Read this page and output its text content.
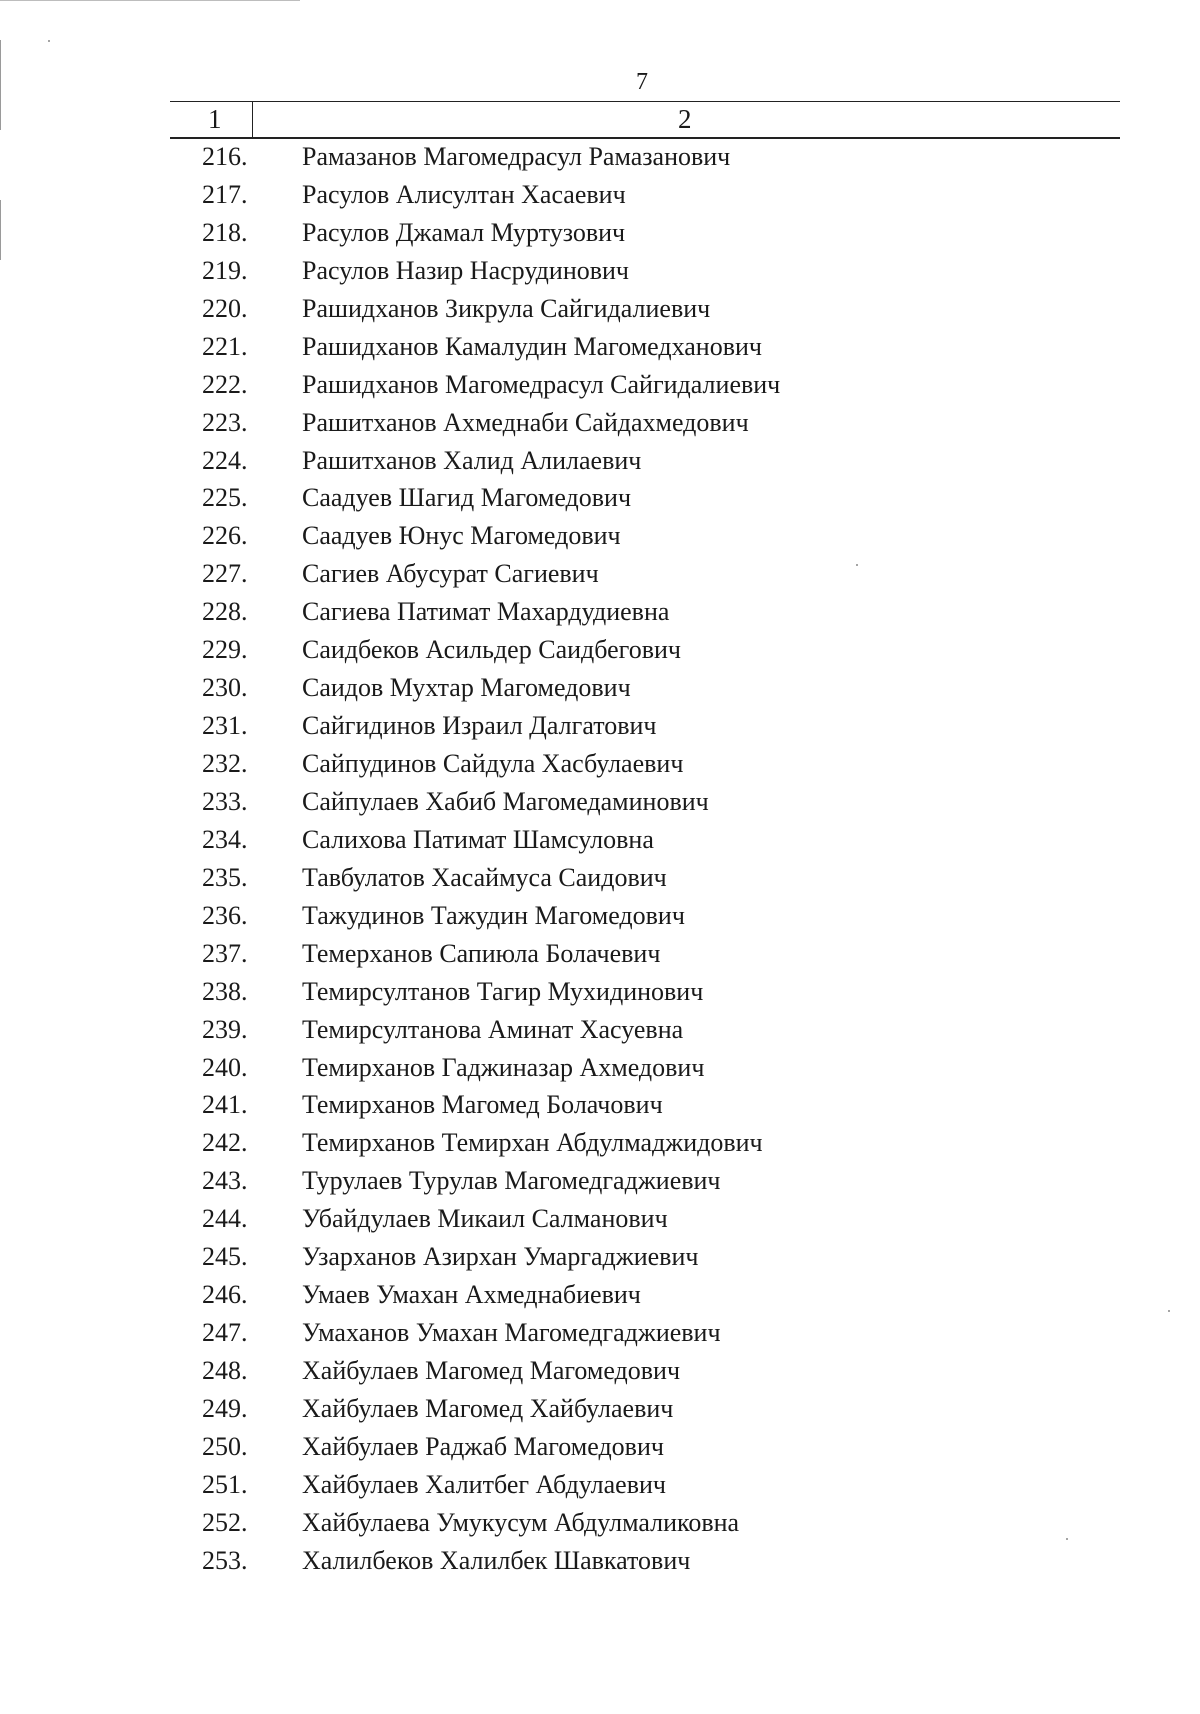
7
1	2
216. Рамазанов Магомедрасул Рамазанович
217. Расулов Алисултан Хасаевич
218. Расулов Джамал Муртузович
219. Расулов Назир Насрудинович
220. Рашидханов Зикрула Сайгидалиевич
221. Рашидханов Камалудин Магомедханович
222. Рашидханов Магомедрасул Сайгидалиевич
223. Рашитханов Ахмеднаби Сайдахмедович
224. Рашитханов Халид Алилаевич
225. Саадуев Шагид Магомедович
226. Саадуев Юнус Магомедович
227. Сагиев Абусурат Сагиевич
228. Сагиева Патимат Махардудиевна
229. Саидбеков Асильдер Саидбегович
230. Саидов Мухтар Магомедович
231. Сайгидинов Израил Далгатович
232. Сайпудинов Сайдула Хасбулаевич
233. Сайпулаев Хабиб Магомедаминович
234. Салихова Патимат Шамсуловна
235. Тавбулатов Хасаймуса Саидович
236. Тажудинов Тажудин Магомедович
237. Темерханов Сапиюла Болачевич
238. Темирсултанов Тагир Мухидинович
239. Темирсултанова Аминат Хасуевна
240. Темирханов Гаджиназар Ахмедович
241. Темирханов Магомед Болачович
242. Темирханов Темирхан Абдулмаджидович
243. Турулаев Турулав Магомедгаджиевич
244. Убайдулаев Микаил Салманович
245. Узарханов Азирхан Умаргаджиевич
246. Умаев Умахан Ахмеднабиевич
247. Умаханов Умахан Магомедгаджиевич
248. Хайбулаев Магомед Магомедович
249. Хайбулаев Магомед Хайбулаевич
250. Хайбулаев Раджаб Магомедович
251. Хайбулаев Халитбег Абдулаевич
252. Хайбулаева Умукусум Абдулмаликовна
253. Халилбеков Халилбек Шавкатович
